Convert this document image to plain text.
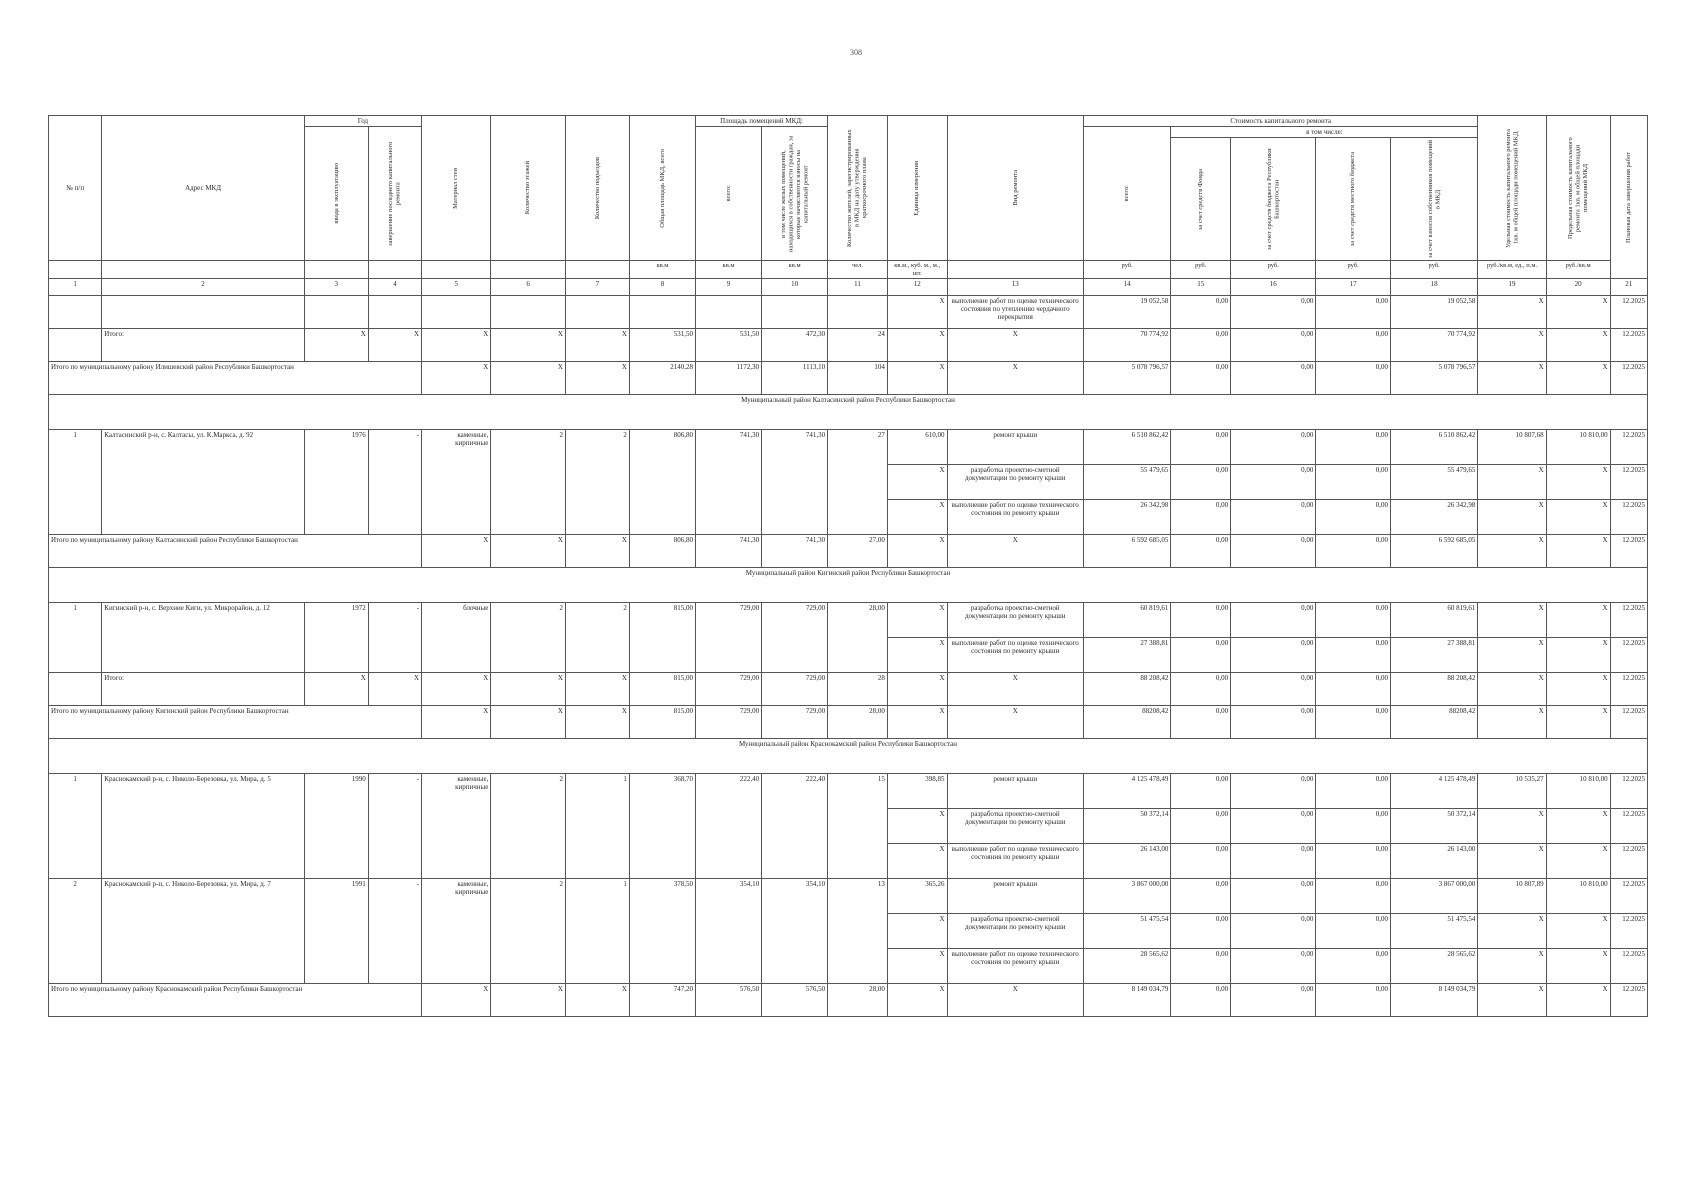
308
№ п/п	Адрес МКД	Год		Материал стен	Количество этажей	Количество подъездов	Общая площадь МКД, всего	Площадь помещений МКД:		Количество жителей, зарегистрированных в МКД на дату утверждения краткосрочного плана	Единица измерения	Вид ремонта	Стоимость капитального ремонта					Удельная стоимость капитального ремонта 1кв. м общей площади помещений МКД	Предельная стоимость капитального ремонта 1кв. м общей площади помещений МКД	Плановая дата завершения работ

		ввода в эксплуатацию	завершение последнего капитального ремонта					всего:	в том числе жилых помещений, находящихся в собственности граждан, за которые начисляются взносы на капитальный ремонт				всего:	в том числе:						

														за счет средств Фонда	за счет средств бюджета Республики Башкортостан	за счет средств местного бюджета	за счет взносов собственников помещений в МКД			

							кв.м	кв.м	кв.м	чел.	кв.м., куб. м., м., шт.		руб.	руб.	руб.	руб.	руб.	руб./кв.м, ед., п.м.	руб./кв.м	
1	2	3	4	5	6	7	8	9	10	11	12	13	14	15	16	17	18	19	20	21
											X	выполнение работ по оценке технического состояния по утеплению чердачного перекрытия	19 052,58	0,00	0,00	0,00	19 052,58	X	X	12.2025
	Итого:	X	X	X	X	X	531,50	531,50	472,30	24	X	X	70 774,92	0,00	0,00	0,00	70 774,92	X	X	12.2025
Итого по муниципальному району Илишевский район Республики Башкортостан				X	X	X	2140,28	1172,30	1113,10	104	X	X	5 078 796,57	0,00	0,00	0,00	5 078 796,57	X	X	12.2025
Муниципальный район Калтасинский район Республики Башкортостан																				
1	Калтасинский р-н, с. Калтасы, ул. К.Маркса, д. 92	1976	-	каменные, кирпичные	2	2	806,80	741,30	741,30	27	610,00	ремонт крыши	6 510 862,42	0,00	0,00	0,00	6 510 862,42	10 807,68	10 810,00	12.2025
											X	разработка проектно-сметной документации по ремонту крыши	55 479,65	0,00	0,00	0,00	55 479,65	X	X	12.2025
											X	выполнение работ по оценке технического состояния по ремонту крыши	26 342,98	0,00	0,00	0,00	26 342,98	X	X	12.2025
Итого по муниципальному району Калтасинский район Республики Башкортостан				X	X	X	806,80	741,30	741,30	27,00	X	X	6 592 685,05	0,00	0,00	0,00	6 592 685,05	X	X	12.2025
Муниципальный район Кигинский район Республики Башкортостан																				
1	Кигинский р-н, с. Верхние Киги, ул. Микрорайон, д. 12	1972	-	блочные	2	2	815,00	729,00	729,00	28,00	X	разработка проектно-сметной документации по ремонту крыши	60 819,61	0,00	0,00	0,00	60 819,61	X	X	12.2025
											X	выполнение работ по оценке технического состояния по ремонту крыши	27 388,81	0,00	0,00	0,00	27 388,81	X	X	12.2025
	Итого:	X	X	X	X	X	815,00	729,00	729,00	28	X	X	88 208,42	0,00	0,00	0,00	88 208,42	X	X	12.2025
Итого по муниципальному району Кигинский район Республики Башкортостан				X	X	X	815,00	729,00	729,00	28,00	X	X	88208,42	0,00	0,00	0,00	88208,42	X	X	12.2025
Муниципальный район Краснокамский район Республики Башкортостан																				
1	Краснокамский р-н, с. Николо-Березовка, ул. Мира, д. 5	1990	-	каменные, кирпичные	2	1	368,70	222,40	222,40	15	398,85	ремонт крыши	4 125 478,49	0,00	0,00	0,00	4 125 478,49	10 535,27	10 810,00	12.2025
											X	разработка проектно-сметной документации по ремонту крыши	50 372,14	0,00	0,00	0,00	50 372,14	X	X	12.2025
											X	выполнение работ по оценке технического состояния по ремонту крыши	26 143,00	0,00	0,00	0,00	26 143,00	X	X	12.2025
2	Краснокамский р-н, с. Николо-Березовка, ул. Мира, д. 7	1991	-	каменные, кирпичные	2	1	378,50	354,10	354,10	13	365,26	ремонт крыши	3 867 000,00	0,00	0,00	0,00	3 867 000,00	10 807,89	10 810,00	12.2025
											X	разработка проектно-сметной документации по ремонту крыши	51 475,54	0,00	0,00	0,00	51 475,54	X	X	12.2025
											X	выполнение работ по оценке технического состояния по ремонту крыши	28 565,62	0,00	0,00	0,00	28 565,62	X	X	12.2025
Итого по муниципальному району Краснокамский район Республики Башкортостан				X	X	X	747,20	576,50	576,50	28,00	X	X	8 149 034,79	0,00	0,00	0,00	8 149 034,79	X	X	12.2025
